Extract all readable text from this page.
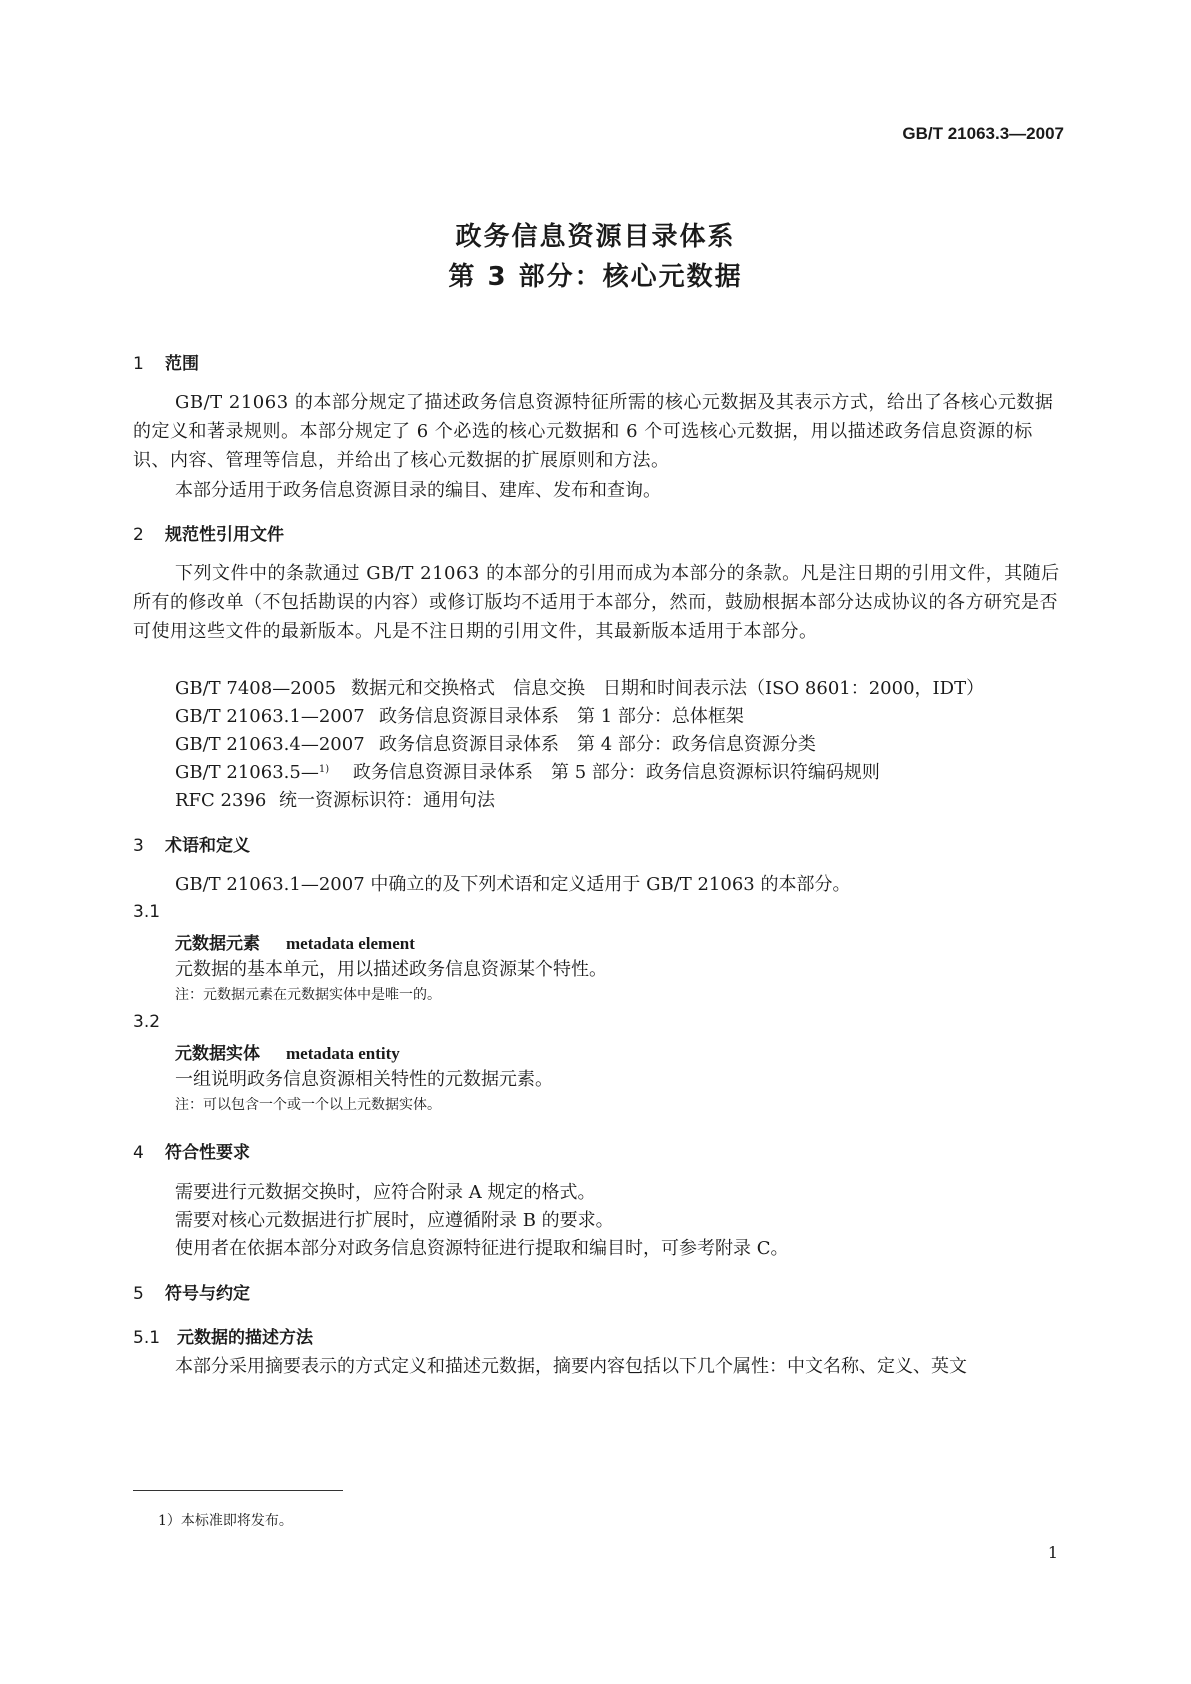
GB/T 21063.3—2007
政务信息资源目录体系
第 3 部分：核心元数据
1 范围
GB/T 21063 的本部分规定了描述政务信息资源特征所需的核心元数据及其表示方式，给出了各核心元数据的定义和著录规则。本部分规定了 6 个必选的核心元数据和 6 个可选核心元数据，用以描述政务信息资源的标识、内容、管理等信息，并给出了核心元数据的扩展原则和方法。
本部分适用于政务信息资源目录的编目、建库、发布和查询。
2 规范性引用文件
下列文件中的条款通过 GB/T 21063 的本部分的引用而成为本部分的条款。凡是注日期的引用文件，其随后所有的修改单（不包括勘误的内容）或修订版均不适用于本部分，然而，鼓励根据本部分达成协议的各方研究是否可使用这些文件的最新版本。凡是不注日期的引用文件，其最新版本适用于本部分。
GB/T 7408—2005 数据元和交换格式　信息交换　日期和时间表示法（ISO 8601：2000，IDT）
GB/T 21063.1—2007 政务信息资源目录体系　第 1 部分：总体框架
GB/T 21063.4—2007 政务信息资源目录体系　第 4 部分：政务信息资源分类
GB/T 21063.5—$^{1)}$ 政务信息资源目录体系　第 5 部分：政务信息资源标识符编码规则
RFC 2396 统一资源标识符：通用句法
3 术语和定义
GB/T 21063.1—2007 中确立的及下列术语和定义适用于 GB/T 21063 的本部分。
3.1
元数据元素 metadata element
元数据的基本单元，用以描述政务信息资源某个特性。
注：元数据元素在元数据实体中是唯一的。
3.2
元数据实体 metadata entity
一组说明政务信息资源相关特性的元数据元素。
注：可以包含一个或一个以上元数据实体。
4 符合性要求
需要进行元数据交换时，应符合附录 A 规定的格式。
需要对核心元数据进行扩展时，应遵循附录 B 的要求。
使用者在依据本部分对政务信息资源特征进行提取和编目时，可参考附录 C。
5 符号与约定
5.1 元数据的描述方法
本部分采用摘要表示的方式定义和描述元数据，摘要内容包括以下几个属性：中文名称、定义、英文
1）本标准即将发布。
1
